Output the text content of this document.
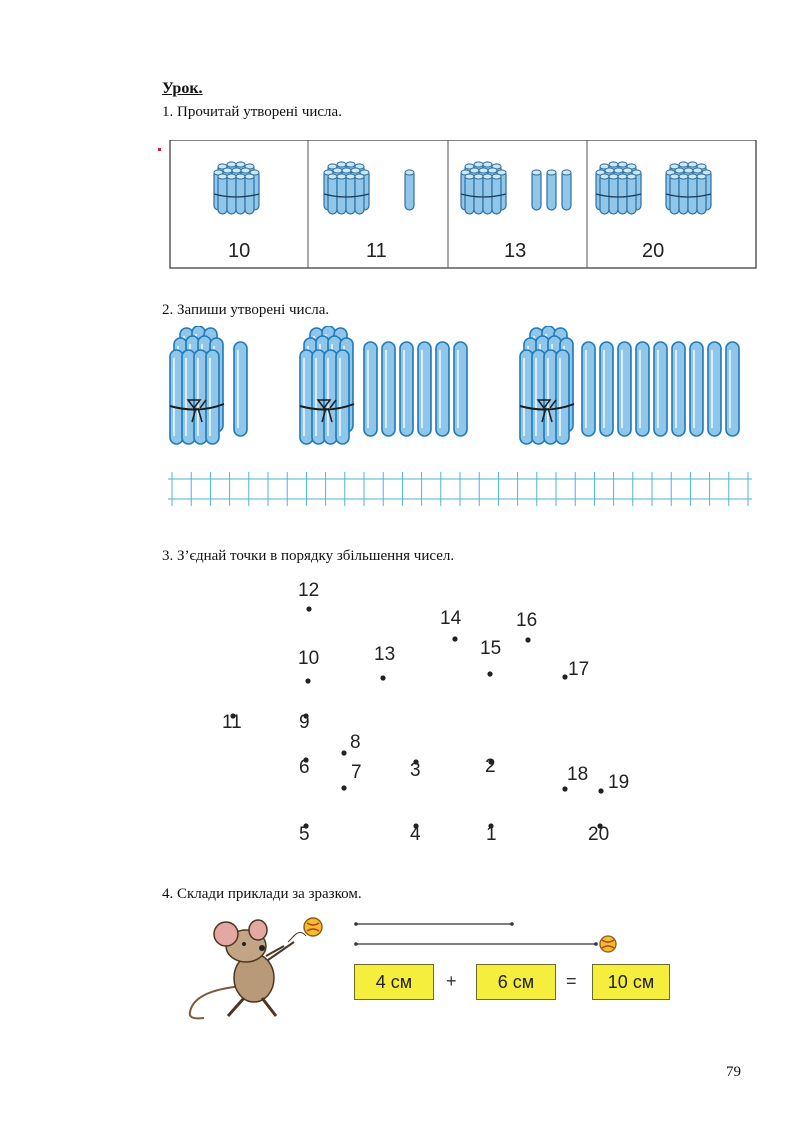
Урок.
1. Прочитай утворені числа.
10	11	13	20
2. Запиши утворені числа.
3. З’єднай точки в порядку збільшення чисел.
12
14	16
15
10	13
17
11	9
8
6 7	3	2	18 19
5	4	1	20
4. Склади приклади за зразком.
4 см	+	6 см	=	10 см
79
